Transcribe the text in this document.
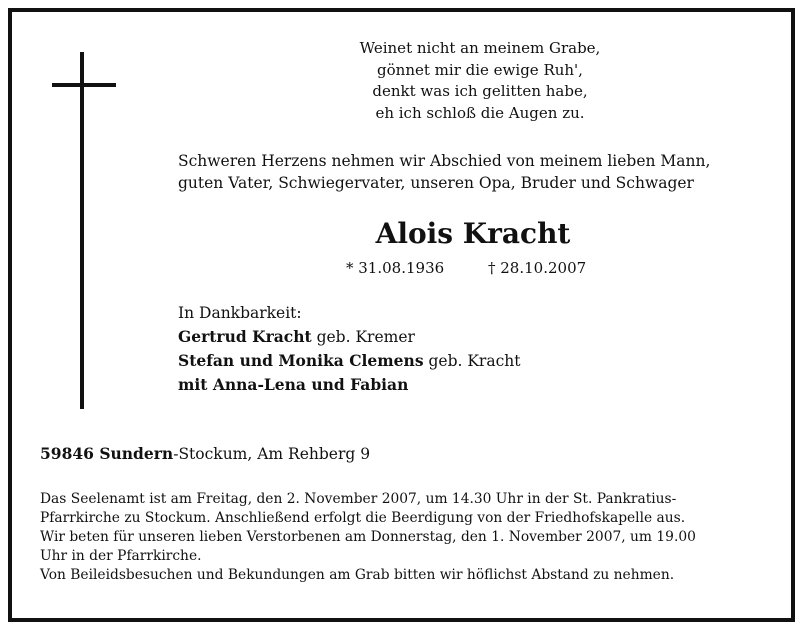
Weinet nicht an meinem Grabe,
gönnet mir die ewige Ruh',
denkt was ich gelitten habe,
eh ich schloß die Augen zu.
Schweren Herzens nehmen wir Abschied von meinem lieben Mann,
guten Vater, Schwiegervater, unseren Opa, Bruder und Schwager
Alois Kracht
* 31.08.1936	† 28.10.2007
In Dankbarkeit:
Gertrud Kracht geb. Kremer
Stefan und Monika Clemens geb. Kracht
mit Anna-Lena und Fabian
59846 Sundern-Stockum, Am Rehberg 9

Das Seelenamt ist am Freitag, den 2. November 2007, um 14.30 Uhr in der St. Pankratius-

Pfarrkirche zu Stockum. Anschließend erfolgt die Beerdigung von der Friedhofskapelle aus.

Wir beten für unseren lieben Verstorbenen am Donnerstag, den 1. November 2007, um 19.00

Uhr in der Pfarrkirche.

Von Beileidsbesuchen und Bekundungen am Grab bitten wir höflichst Abstand zu nehmen.
